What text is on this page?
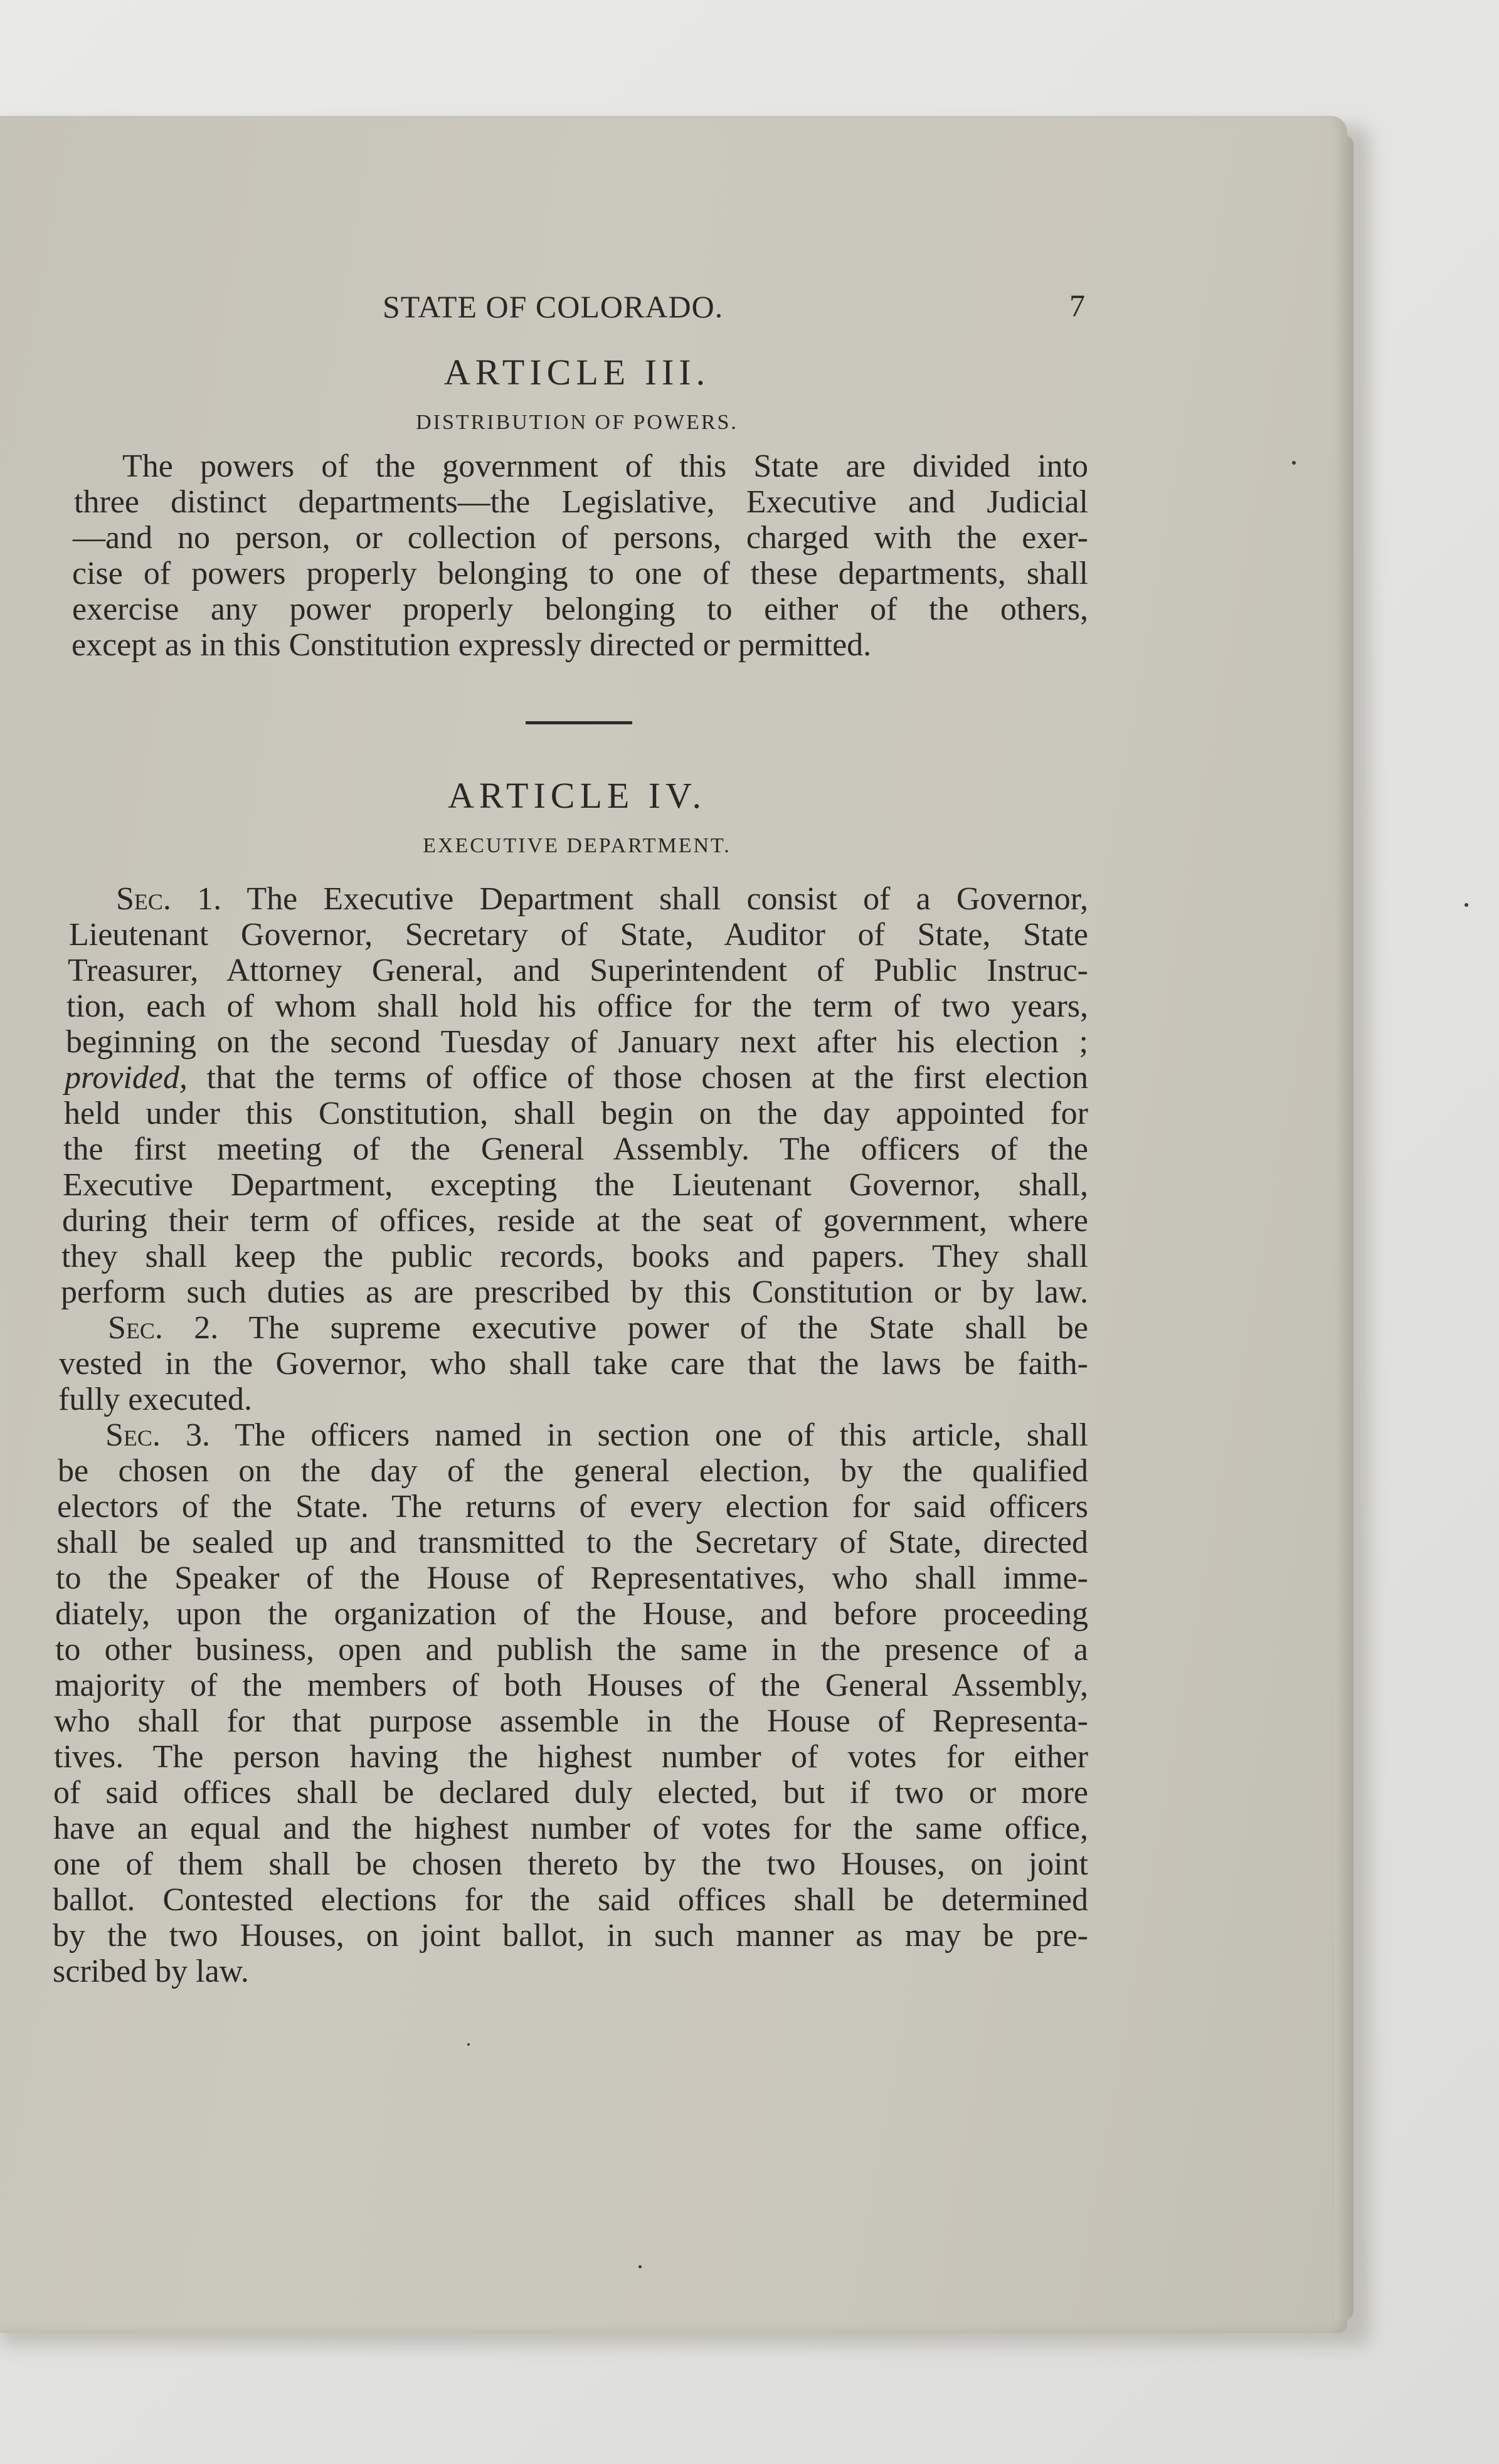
STATE OF COLORADO.	7
ARTICLE III.
DISTRIBUTION OF POWERS.
The powers of the government of this State are divided into
three distinct departments—the Legislative, Executive and Judicial
—and no person, or collection of persons, charged with the exer-
cise of powers properly belonging to one of these departments, shall
exercise any power properly belonging to either of the others,
except as in this Constitution expressly directed or permitted.
ARTICLE IV.
EXECUTIVE DEPARTMENT.
Sec. 1. The Executive Department shall consist of a Governor,
Lieutenant Governor, Secretary of State, Auditor of State, State
Treasurer, Attorney General, and Superintendent of Public Instruc-
tion, each of whom shall hold his office for the term of two years,
beginning on the second Tuesday of January next after his election ;
provided, that the terms of office of those chosen at the first election
held under this Constitution, shall begin on the day appointed for
the first meeting of the General Assembly. The officers of the
Executive Department, excepting the Lieutenant Governor, shall,
during their term of offices, reside at the seat of government, where
they shall keep the public records, books and papers. They shall
perform such duties as are prescribed by this Constitution or by law.
Sec. 2. The supreme executive power of the State shall be
vested in the Governor, who shall take care that the laws be faith-
fully executed.
Sec. 3. The officers named in section one of this article, shall
be chosen on the day of the general election, by the qualified
electors of the State. The returns of every election for said officers
shall be sealed up and transmitted to the Secretary of State, directed
to the Speaker of the House of Representatives, who shall imme-
diately, upon the organization of the House, and before proceeding
to other business, open and publish the same in the presence of a
majority of the members of both Houses of the General Assembly,
who shall for that purpose assemble in the House of Representa-
tives. The person having the highest number of votes for either
of said offices shall be declared duly elected, but if two or more
have an equal and the highest number of votes for the same office,
one of them shall be chosen thereto by the two Houses, on joint
ballot. Contested elections for the said offices shall be determined
by the two Houses, on joint ballot, in such manner as may be pre-
scribed by law.
